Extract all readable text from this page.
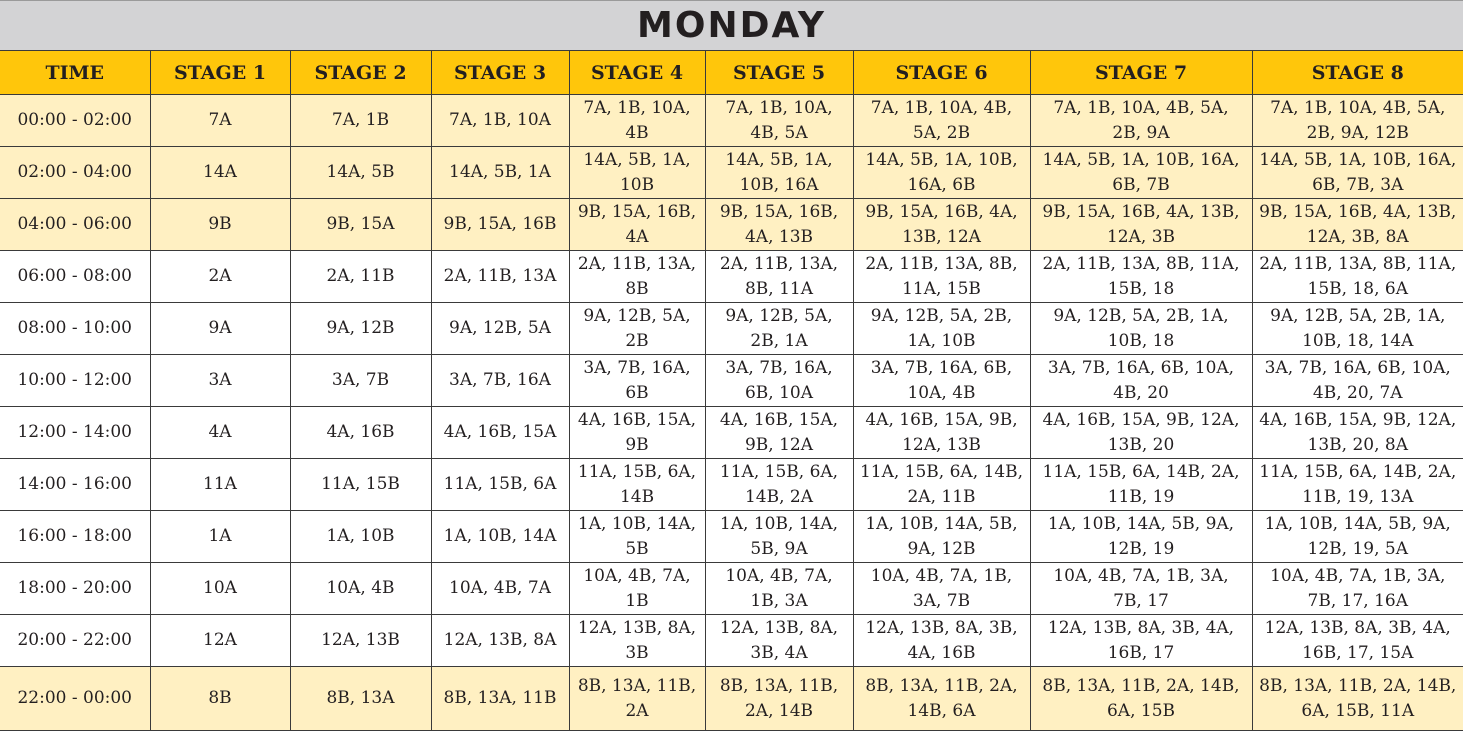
MONDAY
TIME	STAGE 1	STAGE 2	STAGE 3	STAGE 4	STAGE 5	STAGE 6	STAGE 7	STAGE 8
00:00 - 02:00	7A	7A, 1B	7A, 1B, 10A	7A, 1B, 10A, 4B	7A, 1B, 10A, 4B, 5A	7A, 1B, 10A, 4B, 5A, 2B	7A, 1B, 10A, 4B, 5A, 2B, 9A	7A, 1B, 10A, 4B, 5A, 2B, 9A, 12B
02:00 - 04:00	14A	14A, 5B	14A, 5B, 1A	14A, 5B, 1A, 10B	14A, 5B, 1A, 10B, 16A	14A, 5B, 1A, 10B, 16A, 6B	14A, 5B, 1A, 10B, 16A, 6B, 7B	14A, 5B, 1A, 10B, 16A, 6B, 7B, 3A
04:00 - 06:00	9B	9B, 15A	9B, 15A, 16B	9B, 15A, 16B, 4A	9B, 15A, 16B, 4A, 13B	9B, 15A, 16B, 4A, 13B, 12A	9B, 15A, 16B, 4A, 13B, 12A, 3B	9B, 15A, 16B, 4A, 13B, 12A, 3B, 8A
06:00 - 08:00	2A	2A, 11B	2A, 11B, 13A	2A, 11B, 13A, 8B	2A, 11B, 13A, 8B, 11A	2A, 11B, 13A, 8B, 11A, 15B	2A, 11B, 13A, 8B, 11A, 15B, 18	2A, 11B, 13A, 8B, 11A, 15B, 18, 6A
08:00 - 10:00	9A	9A, 12B	9A, 12B, 5A	9A, 12B, 5A, 2B	9A, 12B, 5A, 2B, 1A	9A, 12B, 5A, 2B, 1A, 10B	9A, 12B, 5A, 2B, 1A, 10B, 18	9A, 12B, 5A, 2B, 1A, 10B, 18, 14A
10:00 - 12:00	3A	3A, 7B	3A, 7B, 16A	3A, 7B, 16A, 6B	3A, 7B, 16A, 6B, 10A	3A, 7B, 16A, 6B, 10A, 4B	3A, 7B, 16A, 6B, 10A, 4B, 20	3A, 7B, 16A, 6B, 10A, 4B, 20, 7A
12:00 - 14:00	4A	4A, 16B	4A, 16B, 15A	4A, 16B, 15A, 9B	4A, 16B, 15A, 9B, 12A	4A, 16B, 15A, 9B, 12A, 13B	4A, 16B, 15A, 9B, 12A, 13B, 20	4A, 16B, 15A, 9B, 12A, 13B, 20, 8A
14:00 - 16:00	11A	11A, 15B	11A, 15B, 6A	11A, 15B, 6A, 14B	11A, 15B, 6A, 14B, 2A	11A, 15B, 6A, 14B, 2A, 11B	11A, 15B, 6A, 14B, 2A, 11B, 19	11A, 15B, 6A, 14B, 2A, 11B, 19, 13A
16:00 - 18:00	1A	1A, 10B	1A, 10B, 14A	1A, 10B, 14A, 5B	1A, 10B, 14A, 5B, 9A	1A, 10B, 14A, 5B, 9A, 12B	1A, 10B, 14A, 5B, 9A, 12B, 19	1A, 10B, 14A, 5B, 9A, 12B, 19, 5A
18:00 - 20:00	10A	10A, 4B	10A, 4B, 7A	10A, 4B, 7A, 1B	10A, 4B, 7A, 1B, 3A	10A, 4B, 7A, 1B, 3A, 7B	10A, 4B, 7A, 1B, 3A, 7B, 17	10A, 4B, 7A, 1B, 3A, 7B, 17, 16A
20:00 - 22:00	12A	12A, 13B	12A, 13B, 8A	12A, 13B, 8A, 3B	12A, 13B, 8A, 3B, 4A	12A, 13B, 8A, 3B, 4A, 16B	12A, 13B, 8A, 3B, 4A, 16B, 17	12A, 13B, 8A, 3B, 4A, 16B, 17, 15A
22:00 - 00:00	8B	8B, 13A	8B, 13A, 11B	8B, 13A, 11B, 2A	8B, 13A, 11B, 2A, 14B	8B, 13A, 11B, 2A, 14B, 6A	8B, 13A, 11B, 2A, 14B, 6A, 15B	8B, 13A, 11B, 2A, 14B, 6A, 15B, 11A
